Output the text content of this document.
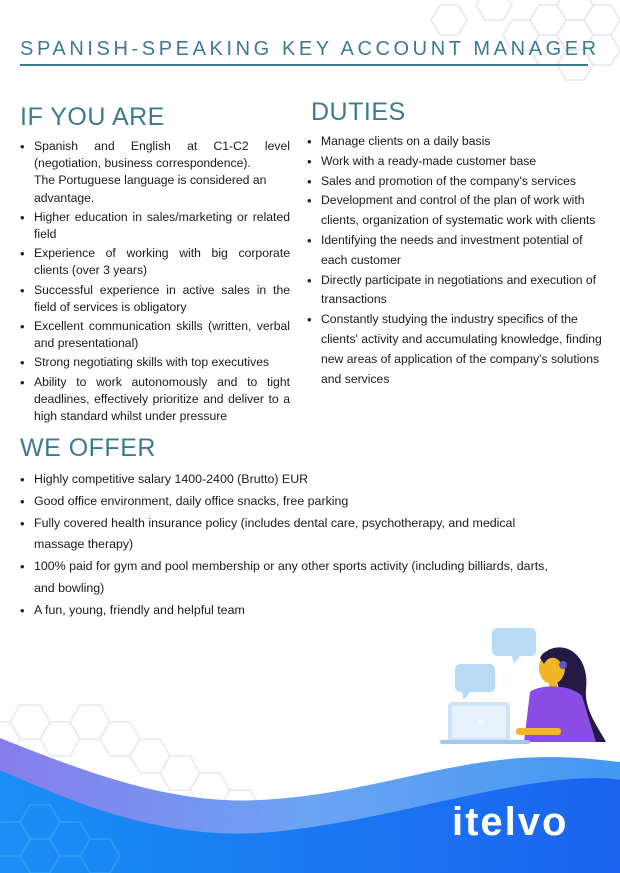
SPANISH-SPEAKING KEY ACCOUNT MANAGER
IF YOU ARE
• Spanish and English at C1-C2 level (negotiation, business correspondence).
The Portuguese language is considered an advantage.
• Higher education in sales/marketing or related field
• Experience of working with big corporate clients (over 3 years)
• Successful experience in active sales in the field of services is obligatory
• Excellent communication skills (written, verbal and presentational)
• Strong negotiating skills with top executives
• Ability to work autonomously and to tight deadlines, effectively prioritize and deliver to a high standard whilst under pressure
DUTIES
• Manage clients on a daily basis
• Work with a ready-made customer base
• Sales and promotion of the company's services
• Development and control of the plan of work with clients, organization of systematic work with clients
• Identifying the needs and investment potential of each customer
• Directly participate in negotiations and execution of transactions
• Constantly studying the industry specifics of the clients' activity and accumulating knowledge, finding new areas of application of the company's solutions and services
WE OFFER
• Highly competitive salary 1400-2400 (Brutto) EUR
• Good office environment, daily office snacks, free parking
• Fully covered health insurance policy (includes dental care, psychotherapy, and medical massage therapy)
• 100% paid for gym and pool membership or any other sports activity (including billiards, darts, and bowling)
• A fun, young, friendly and helpful team
itelvo
